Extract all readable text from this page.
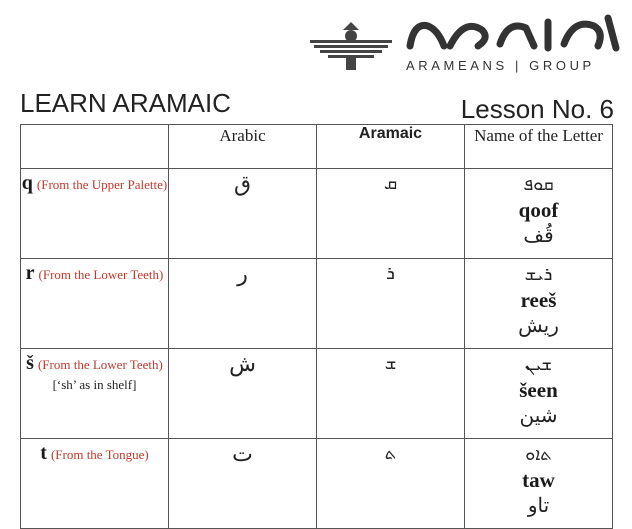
ARAMEANS | GROUP
LEARN ARAMAIC	Lesson No. 6
	Arabic	Aramaic	Name of the Letter
q (From the Upper Palette)	ق	ܩ	ܩܘܦ
qoof
قُف

r (From the Lower Teeth)	ر	ܪ	ܪܝܫ
reeš
ريش

š (From the Lower Teeth)
[‘sh’ as in shelf]	ش	ܫ	ܫܝܢ
šeen
شين

t (From the Tongue)	ت	ܬ	ܬܐܘ
taw
تاو
